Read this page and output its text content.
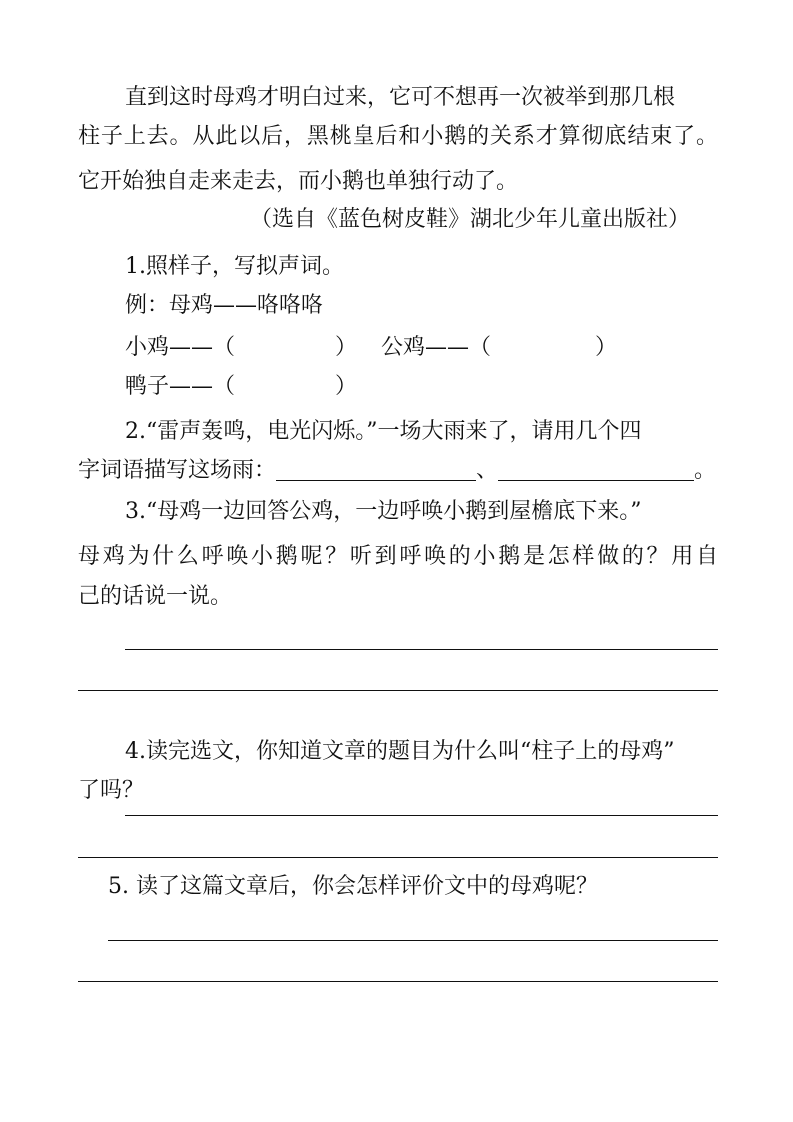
直到这时母鸡才明白过来，它可不想再一次被举到那几根
柱子上去。从此以后，黑桃皇后和小鹅的关系才算彻底结束了。
它开始独自走来走去，而小鹅也单独行动了。
（选自《蓝色树皮鞋》湖北少年儿童出版社）
1.照样子，写拟声词。
例：母鸡——咯咯咯
小鸡——（	） 公鸡——（	）
鸭子——（	）
2.“雷声轰鸣，电光闪烁。”一场大雨来了，请用几个四
字词语描写这场雨：	、	。
3.“母鸡一边回答公鸡，一边呼唤小鹅到屋檐底下来。”
母鸡为什么呼唤小鹅呢？听到呼唤的小鹅是怎样做的？用自
己的话说一说。
4.读完选文，你知道文章的题目为什么叫“柱子上的母鸡”
了吗？
5. 读了这篇文章后，你会怎样评价文中的母鸡呢？
